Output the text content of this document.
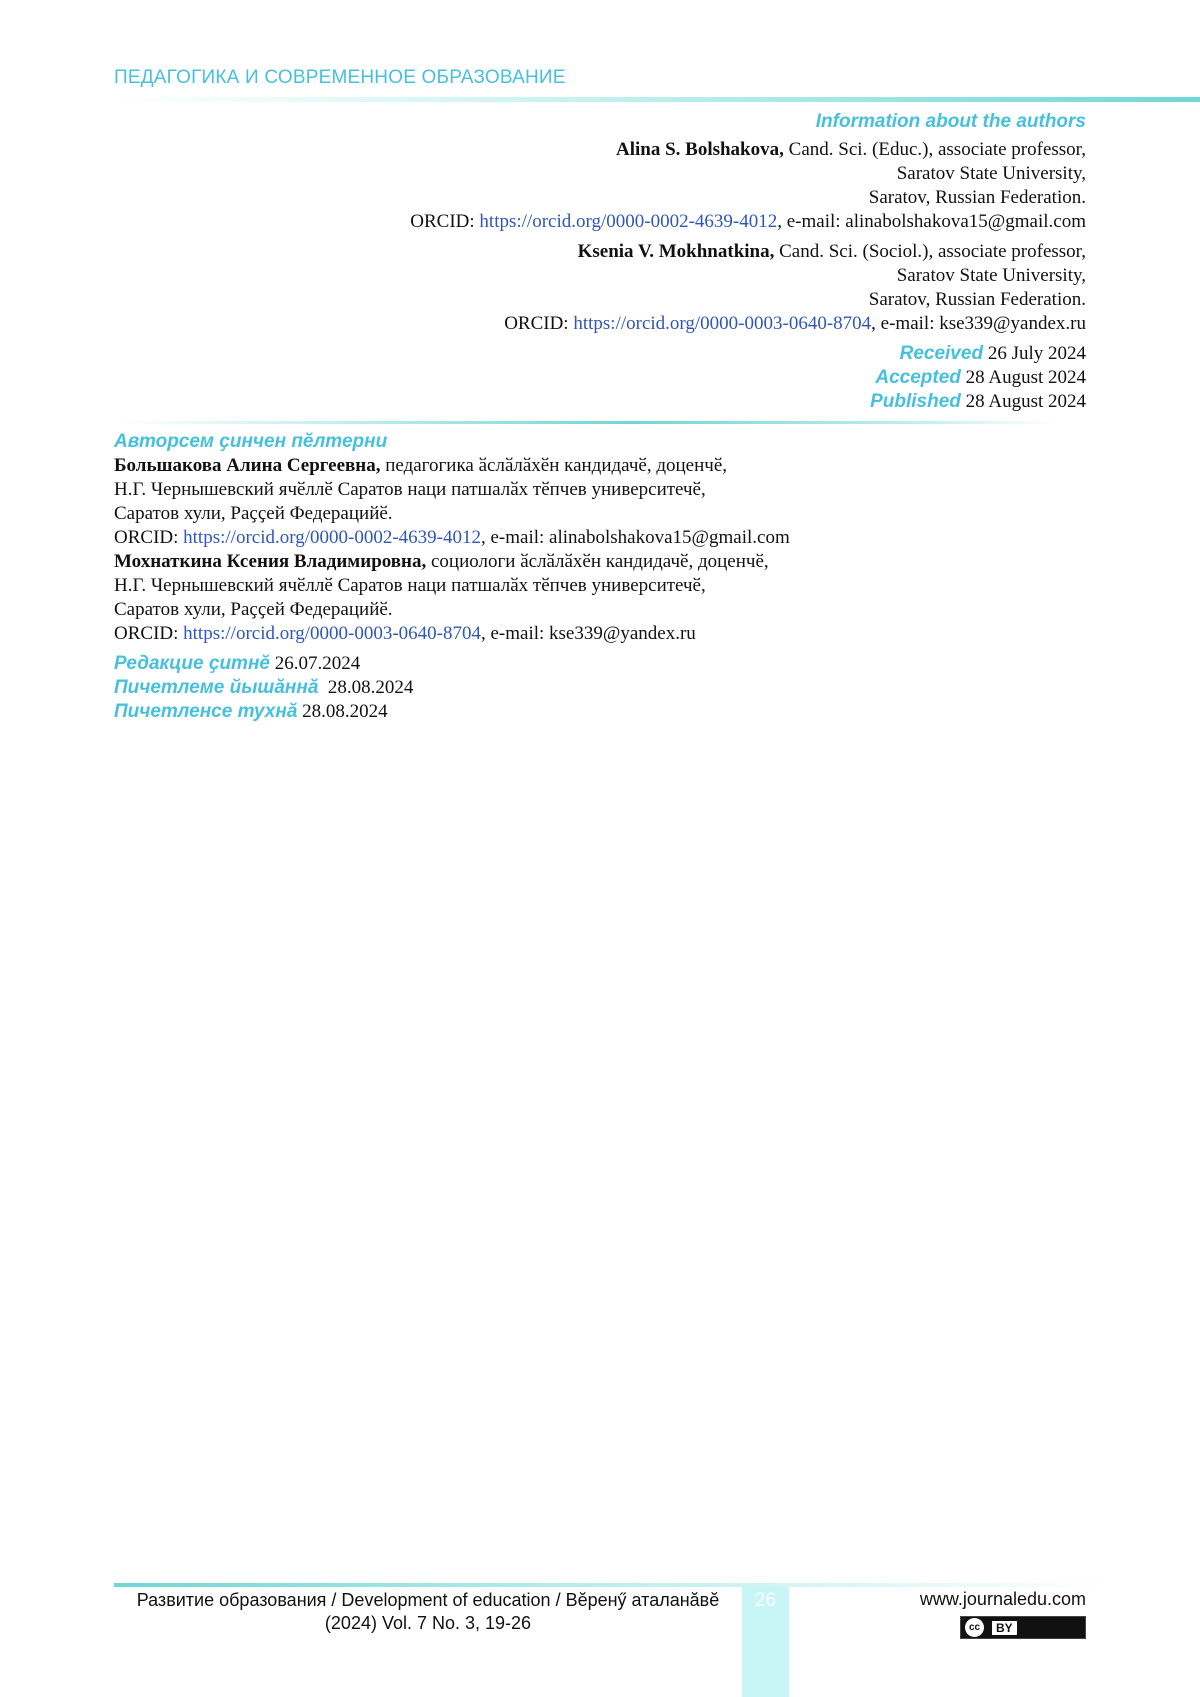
ПЕДАГОГИКА И СОВРЕМЕННОЕ ОБРАЗОВАНИЕ
Information about the authors
Alina S. Bolshakova, Cand. Sci. (Educ.), associate professor,
Saratov State University,
Saratov, Russian Federation.
ORCID: https://orcid.org/0000-0002-4639-4012, e-mail: alinabolshakova15@gmail.com
Ksenia V. Mokhnatkina, Cand. Sci. (Sociol.), associate professor,
Saratov State University,
Saratov, Russian Federation.
ORCID: https://orcid.org/0000-0003-0640-8704, e-mail: kse339@yandex.ru
Received 26 July 2024
Accepted 28 August 2024
Published 28 August 2024
Авторсем ҫинчен пӗлтерни
Большакова Алина Сергеевна, педагогика ӑслӑлӑхӗн кандидачӗ, доценчӗ,
Н.Г. Чернышевский ячӗллӗ Саратов наци патшалӑх тӗпчев университечӗ,
Саратов хули, Раҫҫей Федерацийӗ.
ORCID: https://orcid.org/0000-0002-4639-4012, e-mail: alinabolshakova15@gmail.com
Мохнаткина Ксения Владимировна, социологи ӑслӑлӑхӗн кандидачӗ, доценчӗ,
Н.Г. Чернышевский ячӗллӗ Саратов наци патшалӑх тӗпчев университечӗ,
Саратов хули, Раҫҫей Федерацийӗ.
ORCID: https://orcid.org/0000-0003-0640-8704, e-mail: kse339@yandex.ru
Редакцие ҫитнӗ 26.07.2024
Пичетлеме йышӑннӑ  28.08.2024
Пичетленсе тухнӑ 28.08.2024
26
Развитие образования / Development of education / Вӗренӳ аталанӑвӗ
(2024) Vol. 7 No. 3, 19-26
www.journaledu.com
cc	BY
